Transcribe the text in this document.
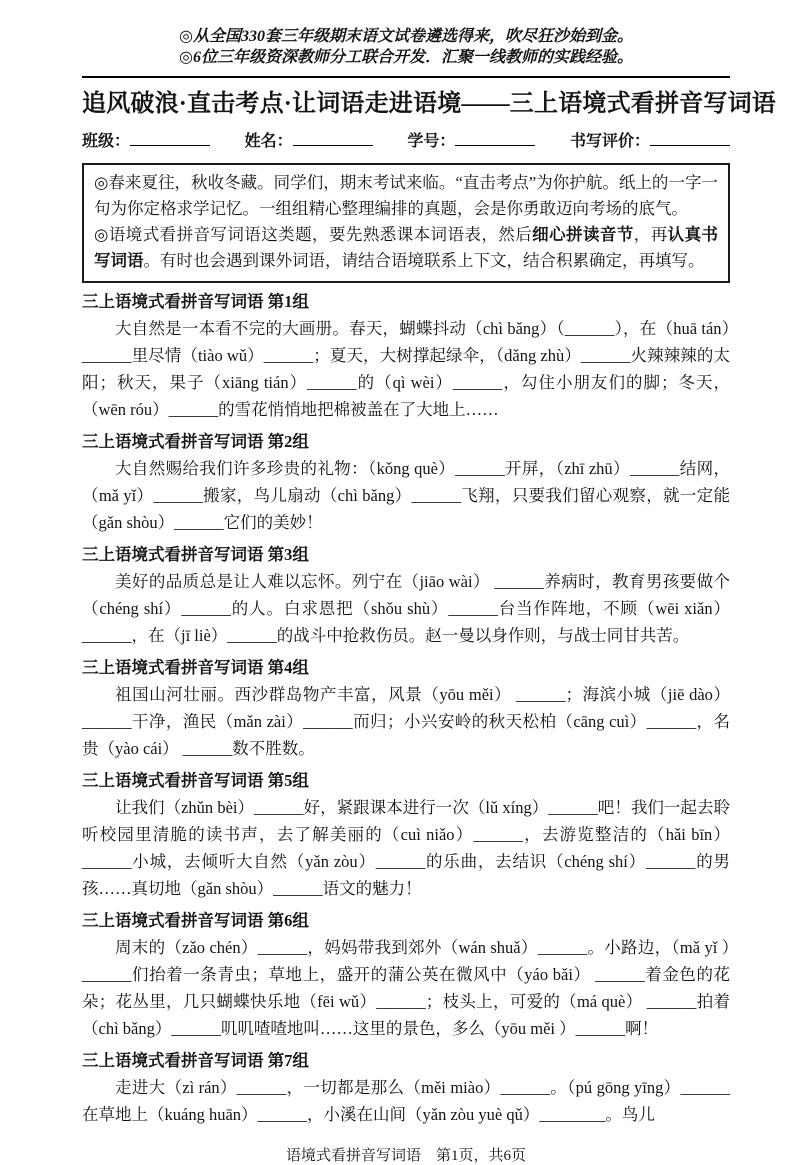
◎从全国330套三年级期末语文试卷遴选得来，吹尽狂沙始到金。
◎6位三年级资深教师分工联合开发．汇聚一线教师的实践经验。
追风破浪·直击考点·让词语走进语境——三上语境式看拼音写词语
班级：	姓名：	学号：	书写评价：

◎春来夏往，秋收冬藏。同学们，期末考试来临。“直击考点”为你护航。纸上的一字一句为你定格求学记忆。一组组精心整理编排的真题，会是你勇敢迈向考场的底气。

◎语境式看拼音写词语这类题，要先熟悉课本词语表，然后细心拼读音节，再认真书写词语。有时也会遇到课外词语，请结合语境联系上下文，结合积累确定，再填写。

三上语境式看拼音写词语 第1组

大自然是一本看不完的大画册。春天，蝴蝶抖动（chì bǎng）（______），在（huā tán）______里尽情（tiào wǔ）______；夏天，大树撑起绿伞，（dǎng zhù）______火辣辣辣的太阳；秋天，果子（xiāng tián）______的（qì wèi）______，勾住小朋友们的脚；冬天，（wēn róu）______的雪花悄悄地把棉被盖在了大地上……

三上语境式看拼音写词语 第2组

大自然赐给我们许多珍贵的礼物：（kǒng què）______开屏，（zhī zhū）______结网，（mǎ yǐ）______搬家，鸟儿扇动（chì bǎng）______飞翔，只要我们留心观察，就一定能（gǎn shòu）______它们的美妙！

三上语境式看拼音写词语 第3组

美好的品质总是让人难以忘怀。列宁在（jiāo wài） ______养病时，教育男孩要做个（chéng shí）______的人。白求恩把（shǒu shù）______台当作阵地，不顾（wēi xiǎn）______，在（jī liè）______的战斗中抢救伤员。赵一曼以身作则，与战士同甘共苦。

三上语境式看拼音写词语 第4组

祖国山河壮丽。西沙群岛物产丰富，风景（yōu měi） ______；海滨小城（jiē dào）______干净，渔民（mǎn zài）______而归；小兴安岭的秋天松柏（cāng cuì）______，名贵（yào cái） ______数不胜数。

三上语境式看拼音写词语 第5组

让我们（zhǔn bèi）______好，紧跟课本进行一次（lǔ xíng）______吧！我们一起去聆听校园里清脆的读书声，去了解美丽的（cuì niǎo）______，去游览整洁的（hǎi bīn）______小城，去倾听大自然（yǎn zòu）______的乐曲，去结识（chéng shí）______的男孩……真切地（gǎn shòu）______语文的魅力！

三上语境式看拼音写词语 第6组

周末的（zǎo chén）______，妈妈带我到郊外（wán shuǎ）______。小路边，（mǎ yǐ ）______们抬着一条青虫；草地上，盛开的蒲公英在微风中（yáo bǎi） ______着金色的花朵；花丛里，几只蝴蝶快乐地（fēi wǔ）______；枝头上，可爱的（má què） ______拍着（chì bǎng）______叽叽喳喳地叫……这里的景色，多么（yōu měi ）______啊！

三上语境式看拼音写词语 第7组

走进大（zì rán）______，一切都是那么（měi miào）______。（pú gōng yīng）______在草地上（kuáng huān）______，小溪在山间（yǎn zòu yuè qǔ）________。鸟儿

语境式看拼音写词语　第1页，共6页
